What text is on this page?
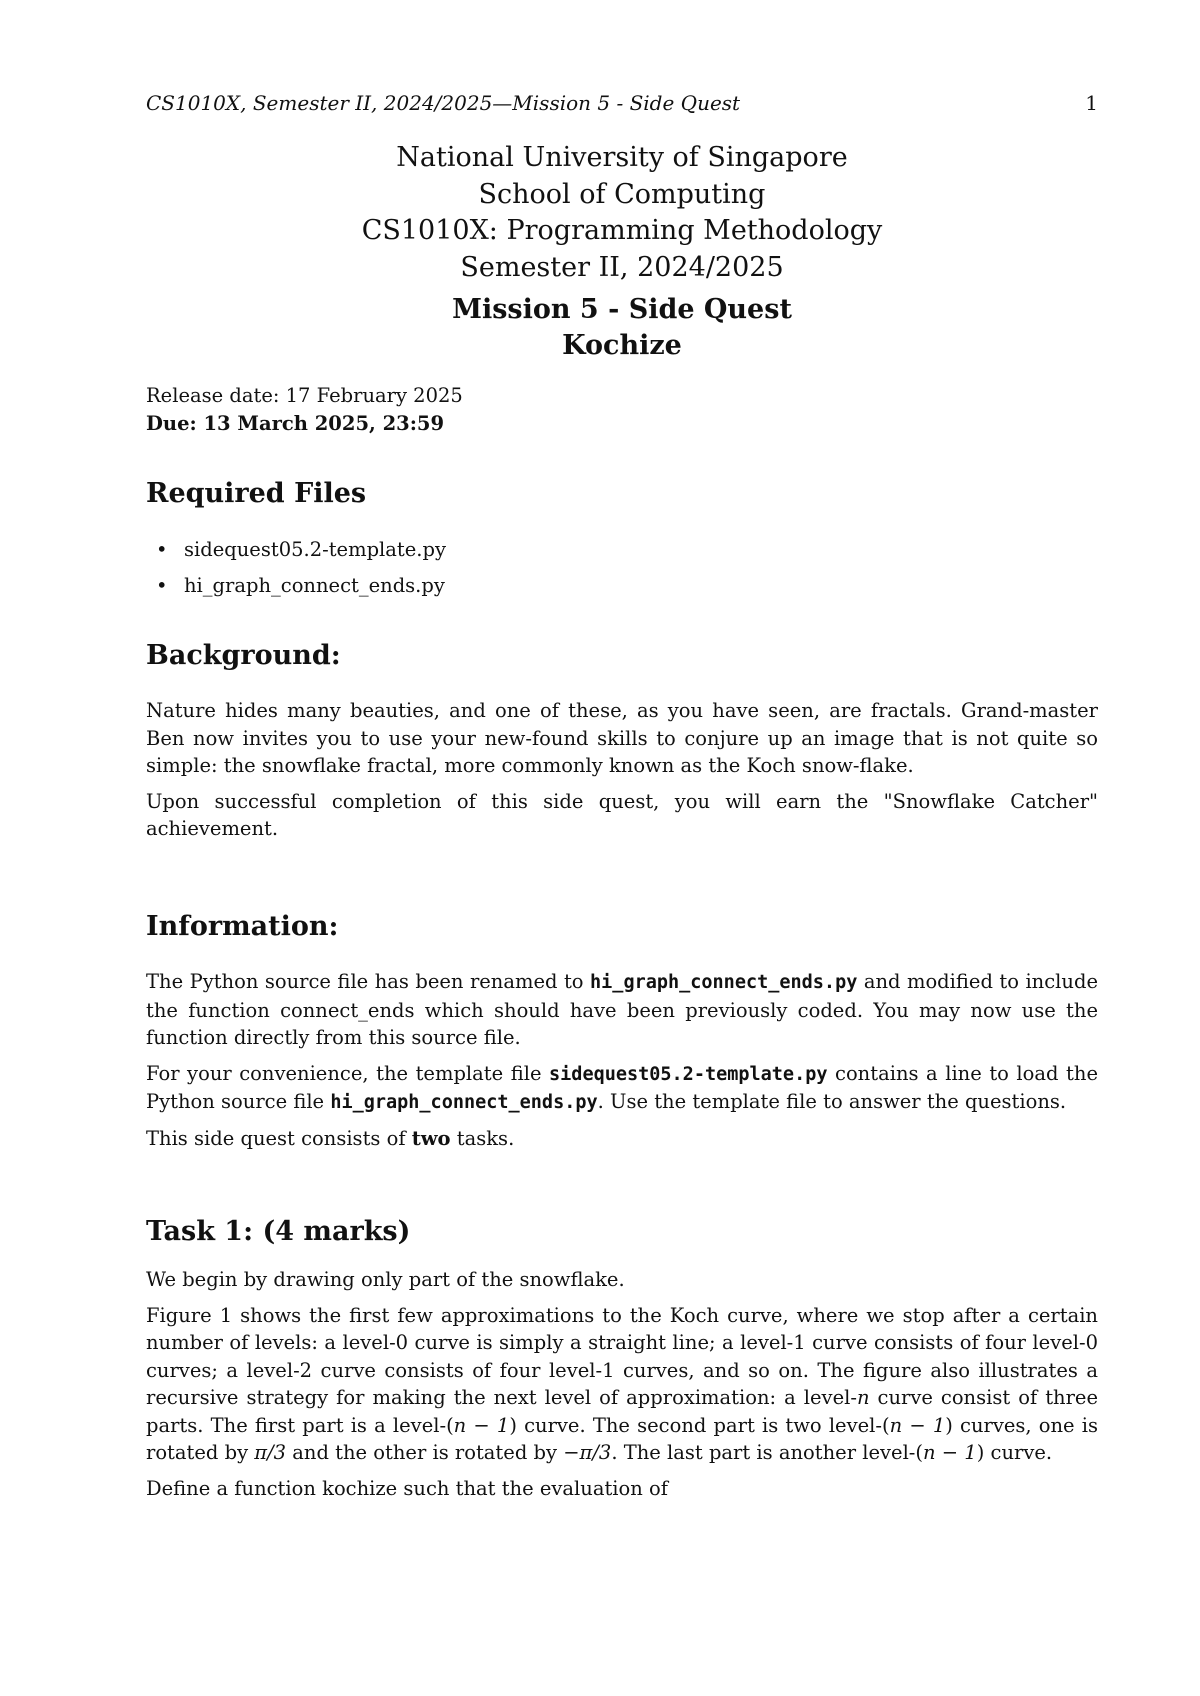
CS1010X, Semester II, 2024/2025—Mission 5 - Side Quest	1

National University of Singapore

School of Computing

CS1010X: Programming Methodology

Semester II, 2024/2025

Mission 5 - Side Quest

Kochize

Release date: 17 February 2025

Due: 13 March 2025, 23:59

Required Files
• sidequest05.2-template.py
• hi_graph_connect_ends.py
Background:

Nature hides many beauties, and one of these, as you have seen, are fractals. Grand-master Ben now invites you to use your new-found skills to conjure up an image that is not quite so simple: the snowflake fractal, more commonly known as the Koch snow-flake.

Upon successful completion of this side quest, you will earn the "Snowflake Catcher" achievement.

Information:

The Python source file has been renamed to hi_graph_connect_ends.py and modified to include the function connect_ends which should have been previously coded. You may now use the function directly from this source file.

For your convenience, the template file sidequest05.2-template.py contains a line to load the Python source file hi_graph_connect_ends.py. Use the template file to answer the questions.

This side quest consists of two tasks.

Task 1: (4 marks)

We begin by drawing only part of the snowflake.

Figure 1 shows the first few approximations to the Koch curve, where we stop after a certain number of levels: a level-0 curve is simply a straight line; a level-1 curve consists of four level-0 curves; a level-2 curve consists of four level-1 curves, and so on. The figure also illustrates a recursive strategy for making the next level of approximation: a level-n curve consist of three parts. The first part is a level-(n − 1) curve. The second part is two level-(n − 1) curves, one is rotated by π/3 and the other is rotated by −π/3. The last part is another level-(n − 1) curve.

Define a function kochize such that the evaluation of
